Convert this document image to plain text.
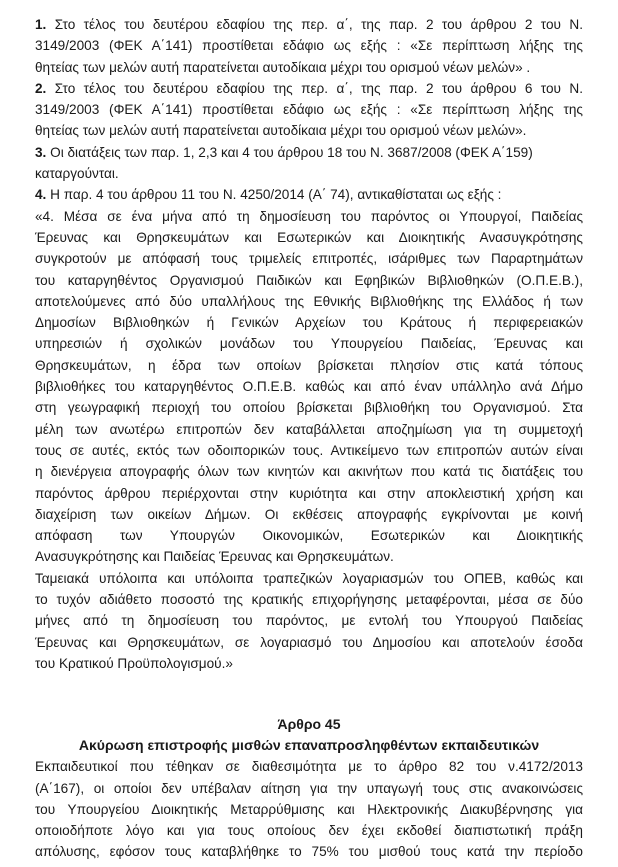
1. Στο τέλος του δευτέρου εδαφίου της περ. α΄, της παρ. 2 του άρθρου 2 του Ν.
3149/2003 (ΦΕΚ Α΄141) προστίθεται εδάφιο ως εξής : «Σε περίπτωση λήξης της
θητείας των μελών αυτή παρατείνεται αυτοδίκαια μέχρι του ορισμού νέων μελών» .
2. Στο τέλος του δευτέρου εδαφίου της περ. α΄, της παρ. 2 του άρθρου 6 του Ν.
3149/2003 (ΦΕΚ Α΄141) προστίθεται εδάφιο ως εξής : «Σε περίπτωση λήξης της
θητείας των μελών αυτή παρατείνεται αυτοδίκαια μέχρι του ορισμού νέων μελών».
3. Οι διατάξεις των παρ. 1, 2,3 και 4 του άρθρου 18 του Ν. 3687/2008 (ΦΕΚ Α΄159)
καταργούνται.
4. Η παρ. 4 του άρθρου 11 του Ν. 4250/2014 (Α΄ 74), αντικαθίσταται ως εξής :
«4. Μέσα σε ένα μήνα από τη δημοσίευση του παρόντος οι Υπουργοί, Παιδείας
Έρευνας και Θρησκευμάτων και Εσωτερικών και Διοικητικής Ανασυγκρότησης
συγκροτούν με απόφασή τους τριμελείς επιτροπές, ισάριθμες των Παραρτημάτων
του καταργηθέντος Οργανισμού Παιδικών και Εφηβικών Βιβλιοθηκών (Ο.Π.Ε.Β.),
αποτελούμενες από δύο υπαλλήλους της Εθνικής Βιβλιοθήκης της Ελλάδος ή των
Δημοσίων Βιβλιοθηκών ή Γενικών Αρχείων του Κράτους ή περιφερειακών
υπηρεσιών ή σχολικών μονάδων του Υπουργείου Παιδείας, Έρευνας και
Θρησκευμάτων, η έδρα των οποίων βρίσκεται πλησίον στις κατά τόπους
βιβλιοθήκες του καταργηθέντος Ο.Π.Ε.Β. καθώς και από έναν υπάλληλο ανά Δήμο
στη γεωγραφική περιοχή του οποίου βρίσκεται βιβλιοθήκη του Οργανισμού. Στα
μέλη των ανωτέρω επιτροπών δεν καταβάλλεται αποζημίωση για τη συμμετοχή
τους σε αυτές, εκτός των οδοιπορικών τους. Αντικείμενο των επιτροπών αυτών είναι
η διενέργεια απογραφής όλων των κινητών και ακινήτων που κατά τις διατάξεις του
παρόντος άρθρου περιέρχονται στην κυριότητα και στην αποκλειστική χρήση και
διαχείριση των οικείων Δήμων. Οι εκθέσεις απογραφής εγκρίνονται με κοινή
απόφαση των Υπουργών Οικονομικών, Εσωτερικών και Διοικητικής
Ανασυγκρότησης και Παιδείας Έρευνας και Θρησκευμάτων.
Ταμειακά υπόλοιπα και υπόλοιπα τραπεζικών λογαριασμών του ΟΠΕΒ, καθώς και
το τυχόν αδιάθετο ποσοστό της κρατικής επιχορήγησης μεταφέρονται, μέσα σε δύο
μήνες από τη δημοσίευση του παρόντος, με εντολή του Υπουργού Παιδείας
Έρευνας και Θρησκευμάτων, σε λογαριασμό του Δημοσίου και αποτελούν έσοδα
του Κρατικού Προϋπολογισμού.»
Άρθρο 45
Ακύρωση επιστροφής μισθών επαναπροσληφθέντων εκπαιδευτικών
Εκπαιδευτικοί που τέθηκαν σε διαθεσιμότητα με το άρθρο 82 του ν.4172/2013
(Α΄167), οι οποίοι δεν υπέβαλαν αίτηση για την υπαγωγή τους στις ανακοινώσεις
του Υπουργείου Διοικητικής Μεταρρύθμισης και Ηλεκτρονικής Διακυβέρνησης για
οποιοδήποτε λόγο και για τους οποίους δεν έχει εκδοθεί διαπιστωτική πράξη
απόλυσης, εφόσον τους καταβλήθηκε το 75% του μισθού τους κατά την περίοδο
